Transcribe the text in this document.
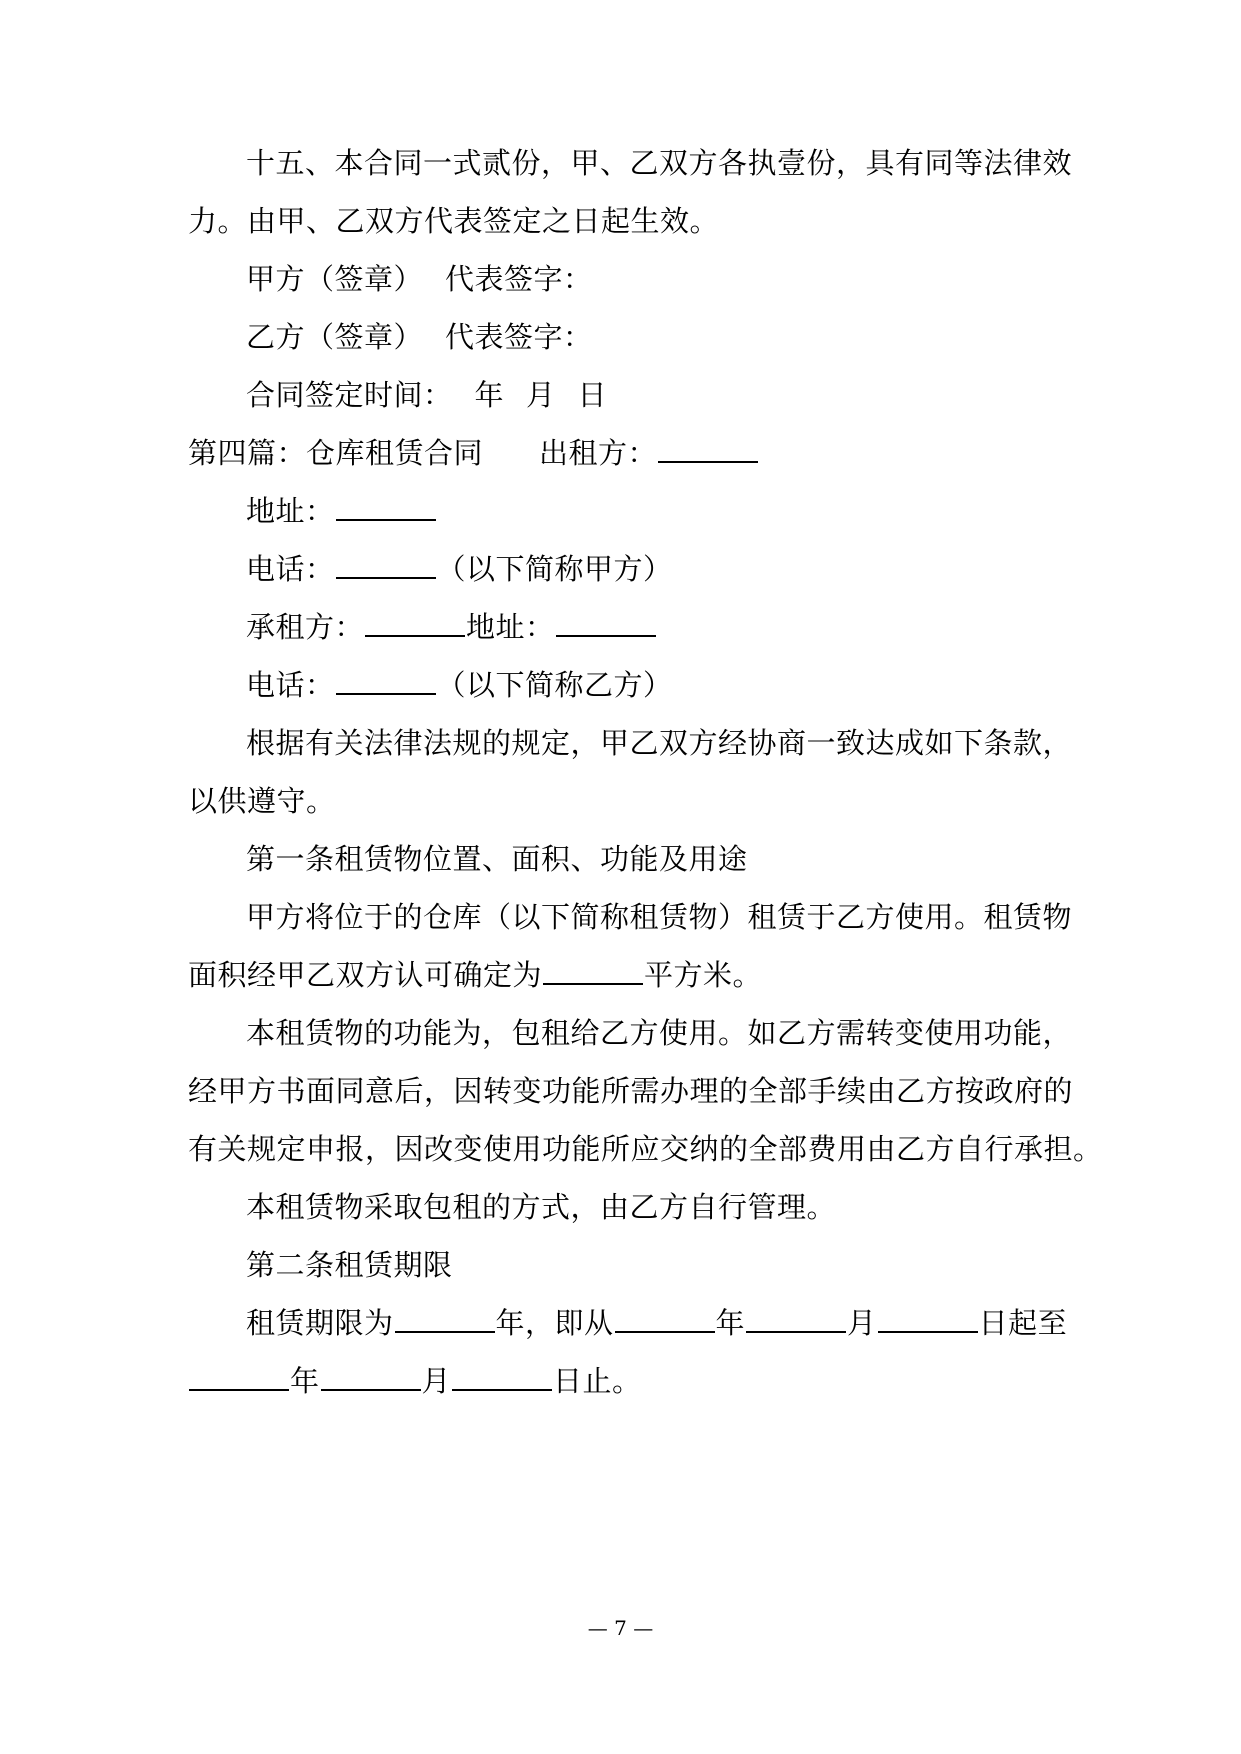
十五、本合同一式贰份，甲、乙双方各执壹份，具有同等法律效
力。由甲、乙双方代表签定之日起生效。
甲方（签章） 代表签字：
乙方（签章） 代表签字：
合同签定时间： 年 月 日
第四篇：仓库租赁合同 出租方：
地址：
电话：	（以下简称甲方）
承租方：	地址：
电话：	（以下简称乙方）
根据有关法律法规的规定，甲乙双方经协商一致达成如下条款，
以供遵守。
第一条租赁物位置、面积、功能及用途
甲方将位于的仓库（以下简称租赁物）租赁于乙方使用。租赁物
面积经甲乙双方认可确定为	平方米。
本租赁物的功能为，包租给乙方使用。如乙方需转变使用功能，
经甲方书面同意后，因转变功能所需办理的全部手续由乙方按政府的
有关规定申报，因改变使用功能所应交纳的全部费用由乙方自行承担。
本租赁物采取包租的方式，由乙方自行管理。
第二条租赁期限
租赁期限为	年，即从	年	月	日起至
年	月	日止。
— 7 —
